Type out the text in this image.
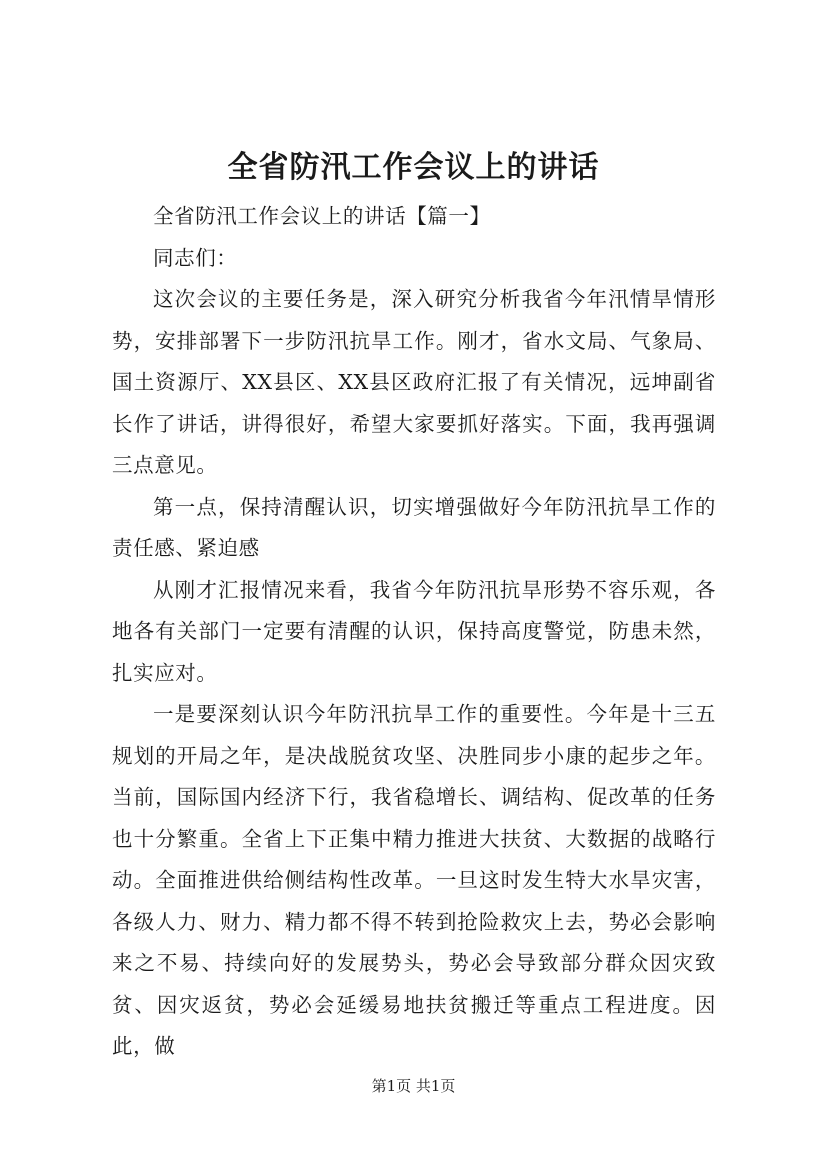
全省防汛工作会议上的讲话

全省防汛工作会议上的讲话【篇一】

同志们：

这次会议的主要任务是，深入研究分析我省今年汛情旱情形势，安排部署下一步防汛抗旱工作。刚才，省水文局、气象局、国土资源厅、XX县区、XX县区政府汇报了有关情况，远坤副省长作了讲话，讲得很好，希望大家要抓好落实。下面，我再强调三点意见。

第一点，保持清醒认识，切实增强做好今年防汛抗旱工作的责任感、紧迫感

从刚才汇报情况来看，我省今年防汛抗旱形势不容乐观，各地各有关部门一定要有清醒的认识，保持高度警觉，防患未然，扎实应对。

一是要深刻认识今年防汛抗旱工作的重要性。今年是十三五规划的开局之年，是决战脱贫攻坚、决胜同步小康的起步之年。当前，国际国内经济下行，我省稳增长、调结构、促改革的任务也十分繁重。全省上下正集中精力推进大扶贫、大数据的战略行动。全面推进供给侧结构性改革。一旦这时发生特大水旱灾害，各级人力、财力、精力都不得不转到抢险救灾上去，势必会影响来之不易、持续向好的发展势头，势必会导致部分群众因灾致贫、因灾返贫，势必会延缓易地扶贫搬迁等重点工程进度。因此，做

第1页 共1页
